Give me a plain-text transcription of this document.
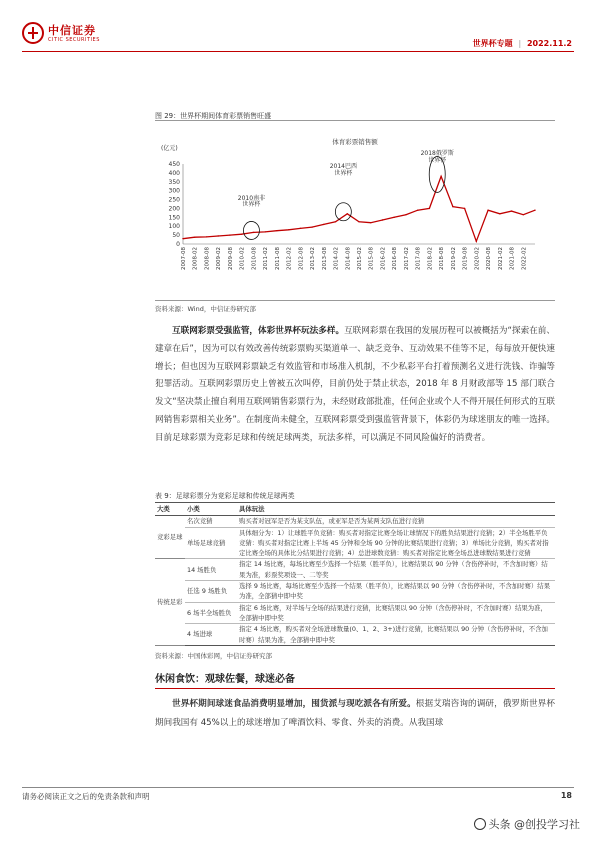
中信证券
CITIC SECURITIES	世界杯专题 | 2022.11.2
图 29：世界杯期间体育彩票销售旺盛
体育彩票销售额
(亿元)
0
50
100
150
200
250
300
350
400
450
2007-08 2008-02 2008-08 2009-02 2009-08 2010-02 2010-08 2011-02 2011-08 2012-02 2012-08 2013-02 2013-08 2014-02 2014-08 2015-02 2015-08 2016-02 2016-08 2017-02 2017-08 2018-02 2018-08 2019-02 2019-08 2020-02 2020-08 2021-02 2021-08 2022-02
2010南非
世界杯
2014巴西
世界杯
2018俄罗斯
世界杯
资料来源：Wind，中信证券研究部
互联网彩票受强监管，体彩世界杯玩法多样。互联网彩票在我国的发展历程可以被概括为“探索在前、建章在后”，因为可以有效改善传统彩票购买渠道单一、缺乏竞争、互动效果不佳等不足，每每放开便快速增长；但也因为互联网彩票缺乏有效监管和市场准入机制，不少私彩平台打着预测名义进行洗钱、诈骗等犯罪活动。互联网彩票历史上曾被五次叫停，目前仍处于禁止状态，2018 年 8 月财政部等 15 部门联合发文“坚决禁止擅自利用互联网销售彩票行为，未经财政部批准，任何企业或个人不得开展任何形式的互联网销售彩票相关业务”。在制度尚未健全，互联网彩票受到强监管背景下，体彩仍为球迷朋友的唯一选择。目前足球彩票为竞彩足球和传统足球两类，玩法多样，可以满足不同风险偏好的消费者。
表 9：足球彩票分为竞彩足球和传统足球两类
大类	小类	具体玩法
竞彩足球	名次竞猜	购买者对冠军是否为某支队伍，或亚军是否为某两支队伍进行竞猜
	单场足球竞猜	具体细分为：1）让球胜平负竞猜：购买者对指定比赛全场让球情况下的胜负结果进行竞猜；2）半全场胜平负竞猜：购买者对指定比赛上半场 45 分钟和全场 90 分钟的比赛结果进行竞猜；3）单场比分竞猜，购买者对指定比赛全场的具体比分结果进行竞猜；4）总进球数竞猜：购买者对指定比赛全场总进球数结果进行竞猜
传统足彩	14 场胜负	指定 14 场比赛，每场比赛至少选择一个结果（胜平负），比赛结果以 90 分钟（含伤停补时，不含加时赛）结果为准，彩票奖项设一、二等奖
	任选 9 场胜负	选择 9 场比赛，每场比赛至少选择一个结果（胜平负），比赛结果以 90 分钟（含伤停补时，不含加时赛）结果为准，全部猜中即中奖
	6 场半全场胜负	指定 6 场比赛，对半场与全场的结果进行竞猜，比赛结果以 90 分钟（含伤停补时，不含加时赛）结果为准，全部猜中即中奖
	4 场进球	指定 4 场比赛，购买者对全场进球数量(0、1、2、3+)进行竞猜，比赛结果以 90 分钟（含伤停补时，不含加时赛）结果为准，全部猜中即中奖
资料来源：中国体彩网，中信证券研究部
休闲食饮：观球佐餐，球迷必备
世界杯期间球迷食品消费明显增加，囤货派与现吃派各有所爱。根据艾瑞咨询的调研，俄罗斯世界杯期间我国有 45%以上的球迷增加了啤酒饮料、零食、外卖的消费。从我国球
请务必阅读正文之后的免责条款和声明	18
头条 @创投学习社
